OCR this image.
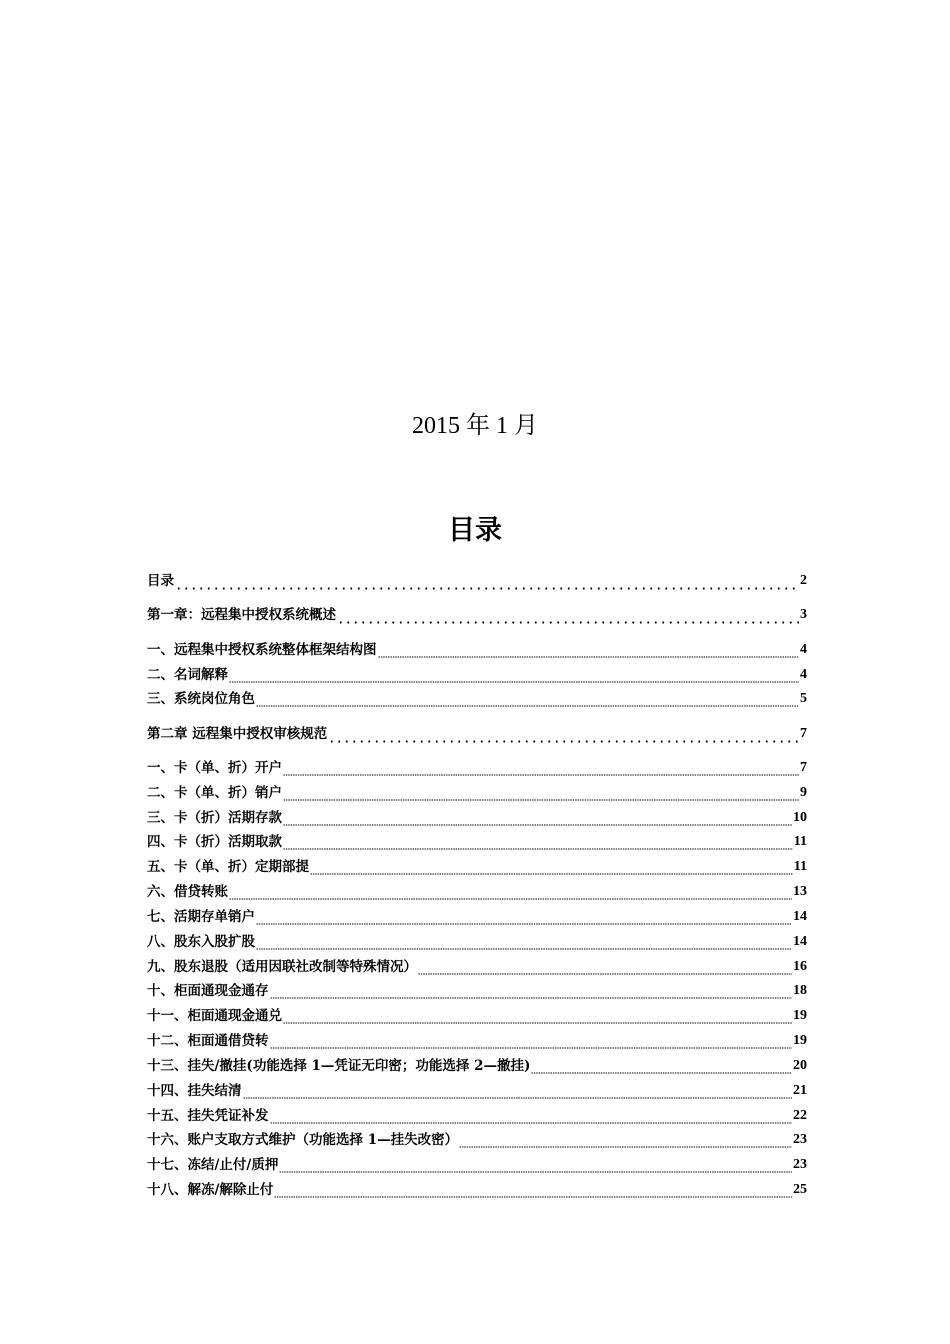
2015 年 1 月
目录
目录	2
第一章：远程集中授权系统概述	3
一、远程集中授权系统整体框架结构图	4
二、名词解释	4
三、系统岗位角色	5
第二章 远程集中授权审核规范	7
一、卡（单、折）开户	7
二、卡（单、折）销户	9
三、卡（折）活期存款	10
四、卡（折）活期取款	11
五、卡（单、折）定期部提	11
六、借贷转账	13
七、活期存单销户	14
八、股东入股扩股	14
九、股东退股（适用因联社改制等特殊情况）	16
十、柜面通现金通存	18
十一、柜面通现金通兑	19
十二、柜面通借贷转	19
十三、挂失/撤挂(功能选择 1—凭证无印密；功能选择 2—撤挂)	20
十四、挂失结清	21
十五、挂失凭证补发	22
十六、账户支取方式维护（功能选择 1—挂失改密）	23
十七、冻结/止付/质押	23
十八、解冻/解除止付	25
